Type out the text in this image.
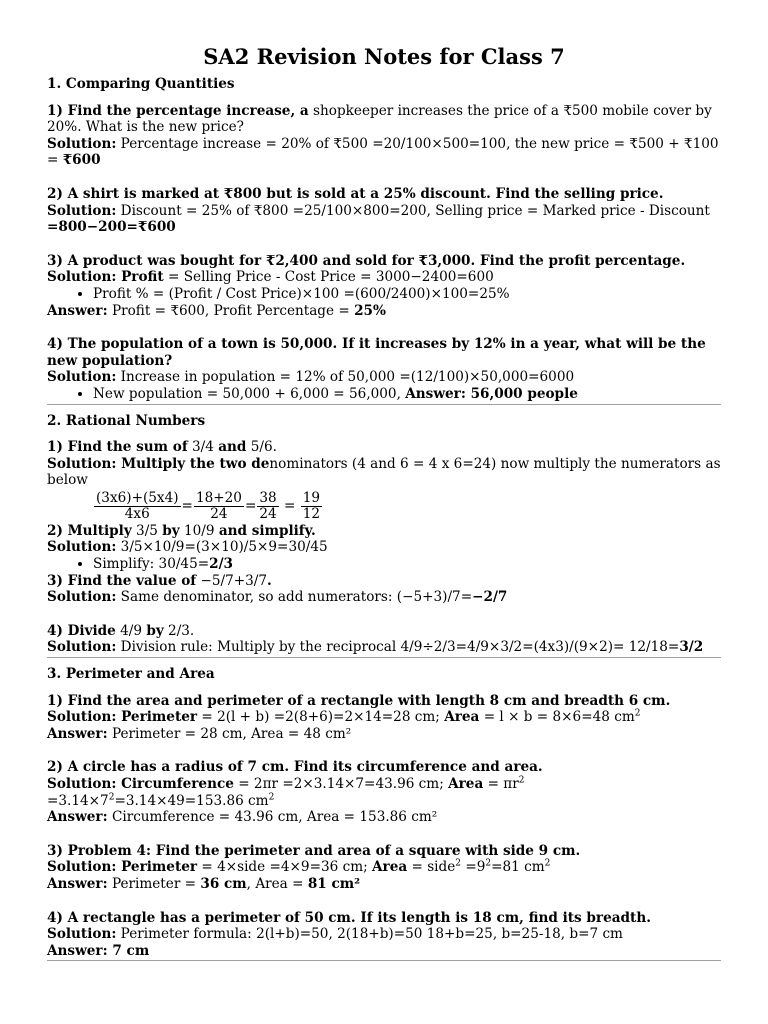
SA2 Revision Notes for Class 7
1. Comparing Quantities

1) Find the percentage increase, a shopkeeper increases the price of a ₹500 mobile cover by 20%. What is the new price?

Solution: Percentage increase = 20% of ₹500 =20/100×500=100, the new price = ₹500 + ₹100 = ₹600

2) A shirt is marked at ₹800 but is sold at a 25% discount. Find the selling price.

Solution: Discount = 25% of ₹800 =25/100×800=200, Selling price = Marked price - Discount

=800−200=₹600

3) A product was bought for ₹2,400 and sold for ₹3,000. Find the profit percentage.

Solution: Profit = Selling Price - Cost Price = 3000−2400=600

• Profit % = (Profit / Cost Price)×100 =(600/2400)×100=25%

Answer: Profit = ₹600, Profit Percentage = 25%

4) The population of a town is 50,000. If it increases by 12% in a year, what will be the new population?

Solution: Increase in population = 12% of 50,000 =(12/100)×50,000=6000

• New population = 50,000 + 6,000 = 56,000, Answer: 56,000 people
2. Rational Numbers

1) Find the sum of 3/4 and 5/6.

Solution: Multiply the two denominators (4 and 6 = 4 x 6=24) now multiply the numerators as below

$\frac{(3x6)+(5x4)}{4x6} = \frac{18+20}{24} = \frac{38}{24} = \frac{19}{12}$

2) Multiply 3/5 by 10/9 and simplify.

Solution: 3/5×10/9=(3×10)/5×9=30/45

• Simplify: 30/45=2/3

3) Find the value of −5/7+3/7.

Solution: Same denominator, so add numerators: (−5+3)/7=−2/7

4) Divide 4/9 by 2/3.

Solution: Division rule: Multiply by the reciprocal 4/9÷2/3=4/9×3/2=(4x3)/(9×2)= 12/18=3/2

3. Perimeter and Area

1) Find the area and perimeter of a rectangle with length 8 cm and breadth 6 cm.

Solution: Perimeter = 2(l + b) =2(8+6)=2×14=28 cm; Area = l × b = 8×6=48 $cm^2$

Answer: Perimeter = 28 cm, Area = 48 cm²

2) A circle has a radius of 7 cm. Find its circumference and area.

Solution: Circumference = 2πr =2×3.14×7=43.96 cm; Area = $\pi r^2 =3.14\times 7^2=3.14\times 49=153.86$ $cm^2$

Answer: Circumference = 43.96 cm, Area = 153.86 cm²

3) Problem 4: Find the perimeter and area of a square with side 9 cm.

Solution: Perimeter = 4×side =4×9=36 cm; Area = side$^2$ $=9^2=81$ $cm^2$

Answer: Perimeter = 36 cm, Area = 81 cm²

4) A rectangle has a perimeter of 50 cm. If its length is 18 cm, find its breadth.

Solution: Perimeter formula: 2(l+b)=50, 2(18+b)=50 18+b=25, b=25-18, b=7 cm

Answer: 7 cm
